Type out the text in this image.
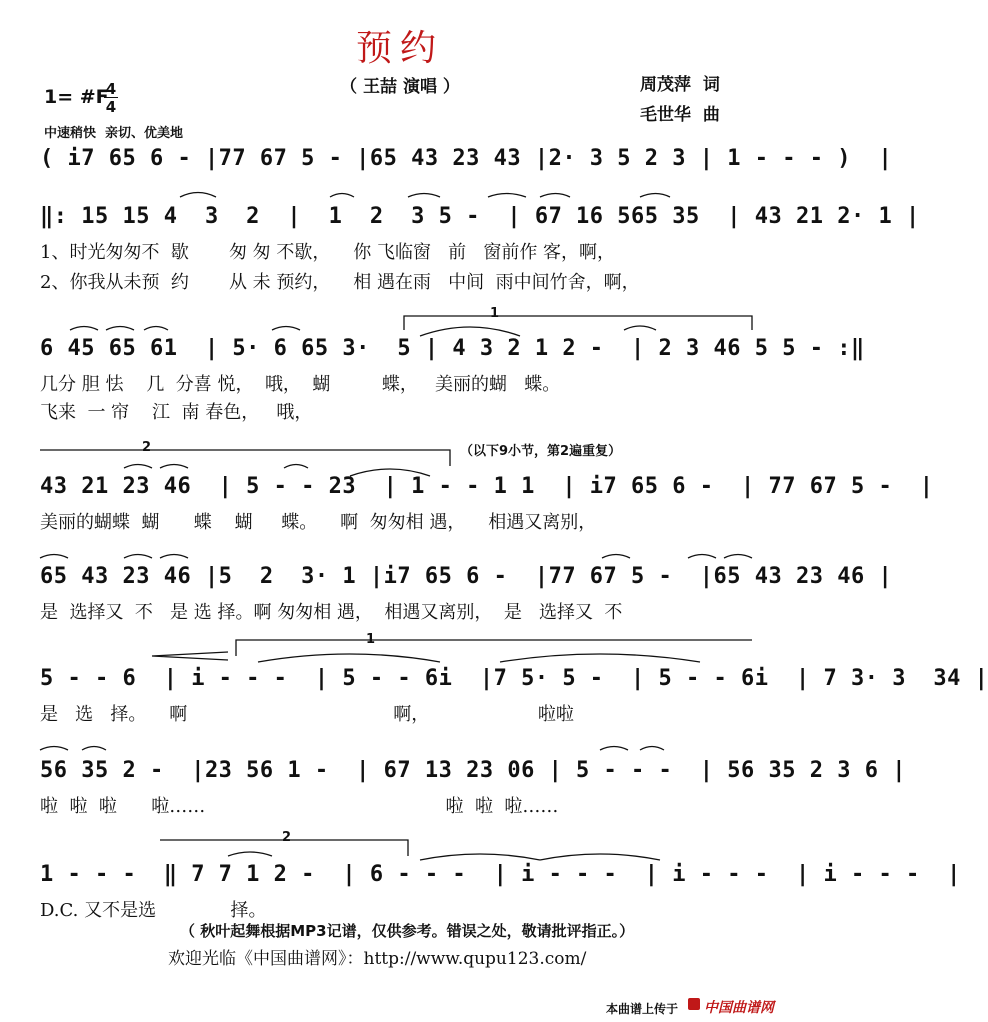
预约
（ 王喆 演唱 ）	周茂萍  词
毛世华  曲
1= #F
4
4
中速稍快  亲切、优美地
( i7 65 6 - |77 67 5 - |65 43 23 43 |2· 3 5 2 3 | 1 - - - )  |
‖: 15 15 4  3  2  |  1  2  3 5 -  | 67 16 565 35  | 43 21 2· 1 |
1、时光匆匆不  歇       匆 匆 不歇，    你 飞临窗   前   窗前作 客，啊，
2、你我从未预  约       从 未 预约，    相 遇在雨   中间  雨中间竹舍，啊，
1
6 45 65 61  | 5· 6 65 3·  5 | 4 3 2 1 2 -  | 2 3 46 5 5 - :‖
几分 胆 怯    几  分喜 悦，  哦，  蝴         蝶，   美丽的蝴   蝶。
飞来  一 帘    江  南 春色，   哦，
2	（以下9小节，第2遍重复）
43 21 23 46  | 5 - - 23  | 1 - - 1 1  | i7 65 6 -  | 77 67 5 -  |
美丽的蝴蝶  蝴      蝶    蝴     蝶。    啊  匆匆相 遇，    相遇又离别，
65 43 23 46 |5  2  3· 1 |i7 65 6 -  |77 67 5 -  |65 43 23 46 |
是  选择又  不   是 选 择。啊 匆匆相 遇，  相遇又离别，  是   选择又  不
1
5 - - 6  | i - - -  | 5 - - 6i  |7 5· 5 -  | 5 - - 6i  | 7 3· 3  34 |
是   选   择。    啊                                    啊，                   啦啦
56 35 2 -  |23 56 1 -  | 67 13 23 06 | 5 - - -  | 56 35 2 3 6 |
啦  啦  啦      啦……                                          啦  啦  啦……
2
1 - - -  ‖ 7 7 1 2 -  | 6 - - -  | i - - -  | i - - -  | i - - -  |
D.C. 又不是选             择。
（ 秋叶起舞根据MP3记谱，仅供参考。错误之处，敬请批评指正。）
欢迎光临《中国曲谱网》：http://www.qupu123.com/
本曲谱上传于 中国曲谱网
